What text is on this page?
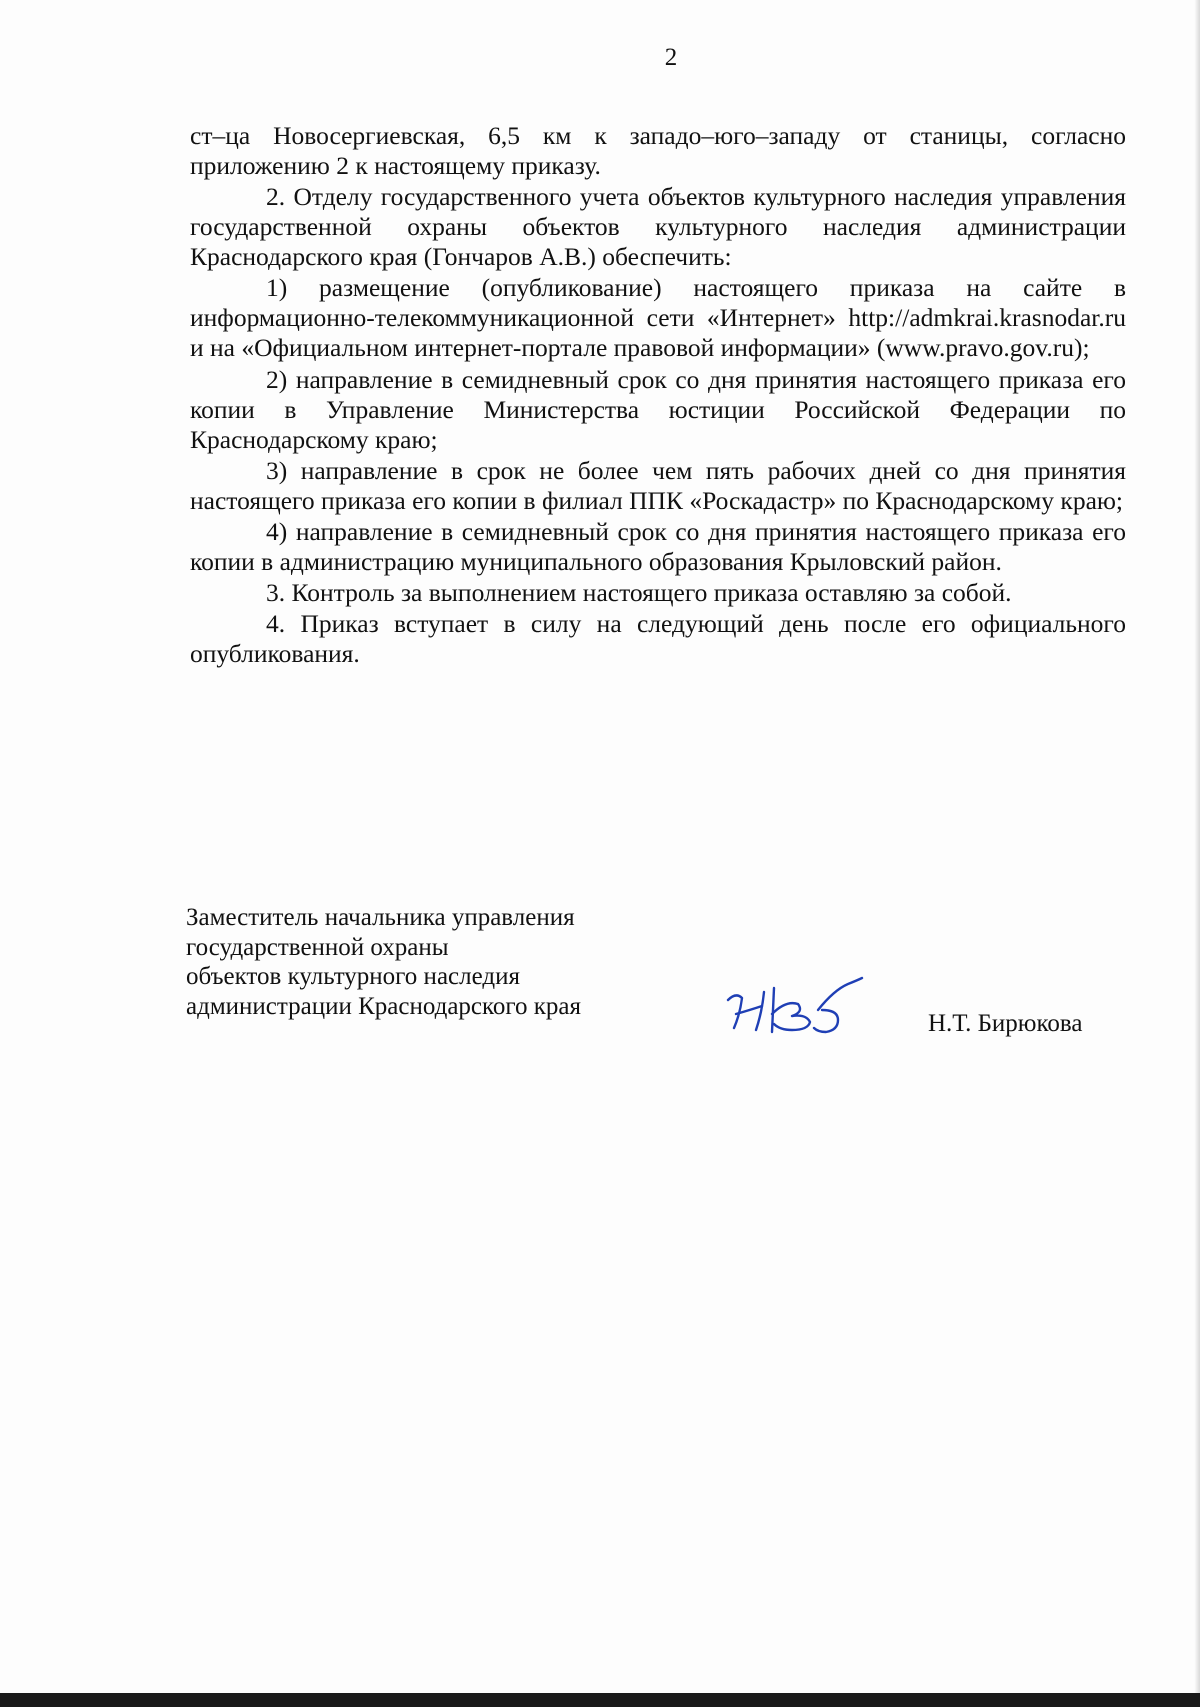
2

ст–ца Новосергиевская, 6,5 км к западо–юго–западу от станицы, согласно приложению 2 к настоящему приказу.

2. Отделу государственного учета объектов культурного наследия управления государственной охраны объектов культурного наследия администрации Краснодарского края (Гончаров А.В.) обеспечить:

1) размещение (опубликование) настоящего приказа на сайте в информационно-телекоммуникационной сети «Интернет» http://admkrai.krasnodar.ru и на «Официальном интернет-портале правовой информации» (www.pravo.gov.ru);

2) направление в семидневный срок со дня принятия настоящего приказа его копии в Управление Министерства юстиции Российской Федерации по Краснодарскому краю;

3) направление в срок не более чем пять рабочих дней со дня принятия настоящего приказа его копии в филиал ППК «Роскадастр» по Краснодарскому краю;

4) направление в семидневный срок со дня принятия настоящего приказа его копии в администрацию муниципального образования Крыловский район.

3. Контроль за выполнением настоящего приказа оставляю за собой.

4. Приказ вступает в силу на следующий день после его официального опубликования.

Заместитель начальника управления
государственной охраны
объектов культурного наследия
администрации Краснодарского края
Н.Т. Бирюкова
